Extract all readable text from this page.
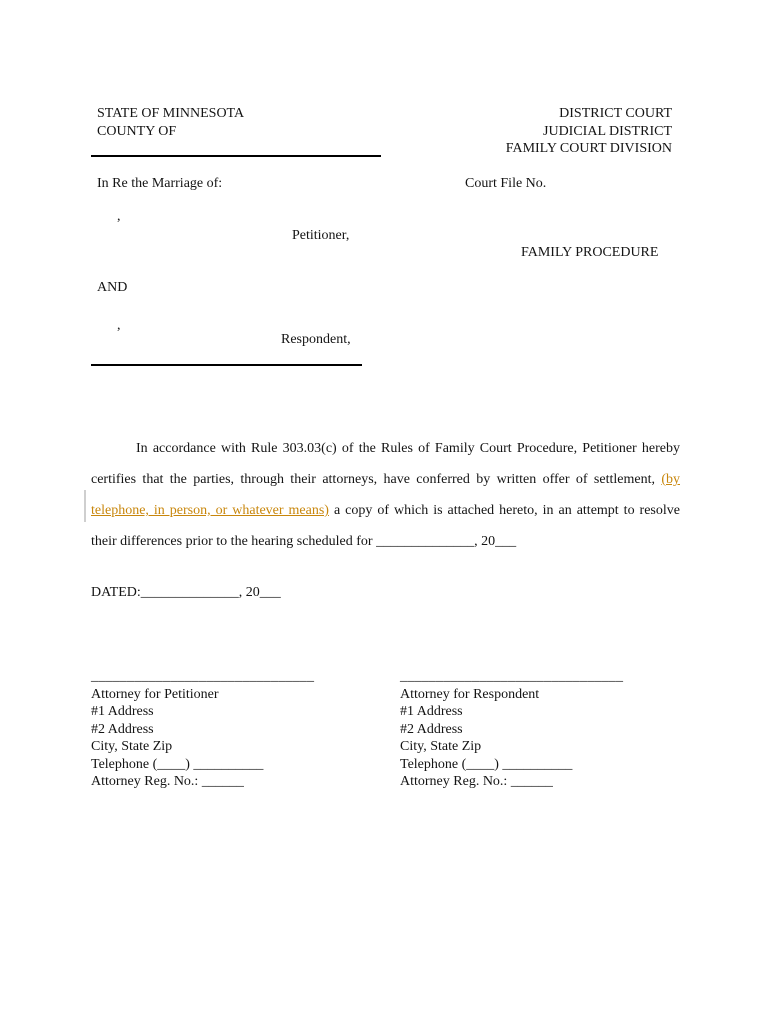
STATE OF MINNESOTA
COUNTY OF
DISTRICT COURT
JUDICIAL DISTRICT
FAMILY COURT DIVISION
In Re the Marriage of:	Court File No.
,
Petitioner,
FAMILY PROCEDURE
AND
,
Respondent,
In accordance with Rule 303.03(c) of the Rules of Family Court Procedure, Petitioner hereby certifies that the parties, through their attorneys, have conferred by written offer of settlement, (by telephone, in person, or whatever means) a copy of which is attached hereto, in an attempt to resolve their differences prior to the hearing scheduled for ______________, 20___
DATED:______________, 20___
_______________________________
Attorney for Petitioner
#1 Address
#2 Address
City, State Zip
Telephone (____) __________
Attorney Reg. No.: ______
_______________________________
Attorney for Respondent
#1 Address
#2 Address
City, State Zip
Telephone (____) __________
Attorney Reg. No.: ______
